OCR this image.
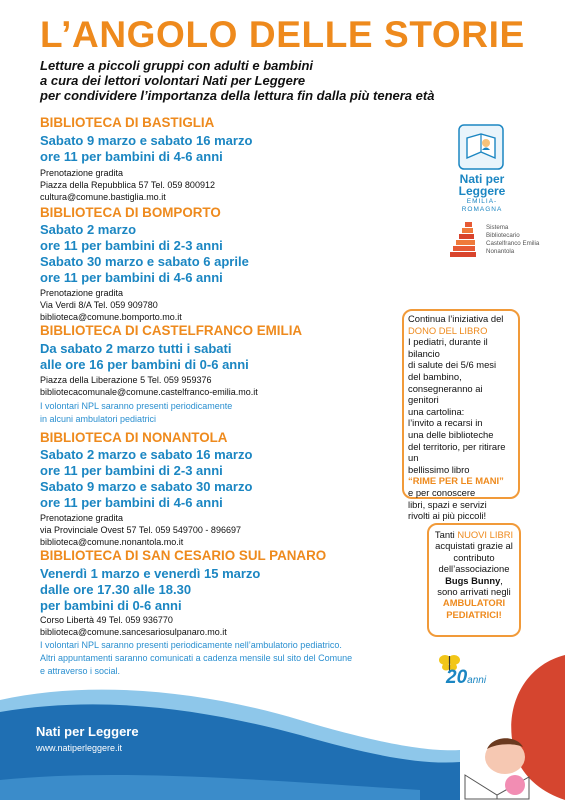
L’ANGOLO DELLE STORIE
Letture a piccoli gruppi con adulti e bambini
a cura dei lettori volontari Nati per Leggere
per condividere l’importanza della lettura fin dalla più tenera età
BIBLIOTECA DI BASTIGLIA
Sabato 9 marzo e sabato 16 marzo
ore 11 per bambini di 4-6 anni
Prenotazione gradita
Piazza della Repubblica 57 Tel. 059 800912
cultura@comune.bastiglia.mo.it
BIBLIOTECA DI BOMPORTO
Sabato 2 marzo
ore 11 per bambini di 2-3 anni
Sabato 30 marzo e sabato 6 aprile
ore 11 per bambini di 4-6 anni
Prenotazione gradita
Via Verdi 8/A Tel. 059 909780
biblioteca@comune.bomporto.mo.it
BIBLIOTECA DI CASTELFRANCO EMILIA
Da sabato 2 marzo tutti i sabati
alle ore 16 per bambini di 0-6 anni
Piazza della Liberazione 5 Tel. 059 959376
bibliotecacomunale@comune.castelfranco-emilia.mo.it
I volontari NPL saranno presenti periodicamente
in alcuni ambulatori pediatrici
BIBLIOTECA DI NONANTOLA
Sabato 2 marzo e sabato 16 marzo
ore 11 per bambini di 2-3 anni
Sabato 9 marzo e sabato 30 marzo
ore 11 per bambini di 4-6 anni
Prenotazione gradita
via Provinciale Ovest 57 Tel. 059 549700 - 896697
biblioteca@comune.nonantola.mo.it
BIBLIOTECA DI SAN CESARIO SUL PANARO
Venerdì 1 marzo e venerdì 15 marzo
dalle ore 17.30 alle 18.30
per bambini di 0-6 anni
Corso Libertà 49 Tel. 059 936770
biblioteca@comune.sancesariosulpanaro.mo.it
I volontari NPL saranno presenti periodicamente nell’ambulatorio pediatrico.
Altri appuntamenti saranno comunicati a cadenza mensile sul sito del Comune
e attraverso i social.
Nati per
Leggere
EMILIA-
ROMAGNA
Sistema
Bibliotecario
Castelfranco Emilia
Nonantola
Continua l’iniziativa del
DONO DEL LIBRO
I pediatri, durante il bilancio
di salute dei 5/6 mesi
del bambino,
consegneranno ai genitori
una cartolina:
l’invito a recarsi in
una delle biblioteche
del territorio, per ritirare un
bellissimo libro
“RIME PER LE MANI”
e per conoscere
libri, spazi e servizi
rivolti ai più piccoli!
Tanti NUOVI LIBRI
acquistati grazie al
contributo
dell’associazione
Bugs Bunny,
sono arrivati negli
AMBULATORI
PEDIATRICI!
20anni
Nati per Leggere
www.natiperleggere.it
